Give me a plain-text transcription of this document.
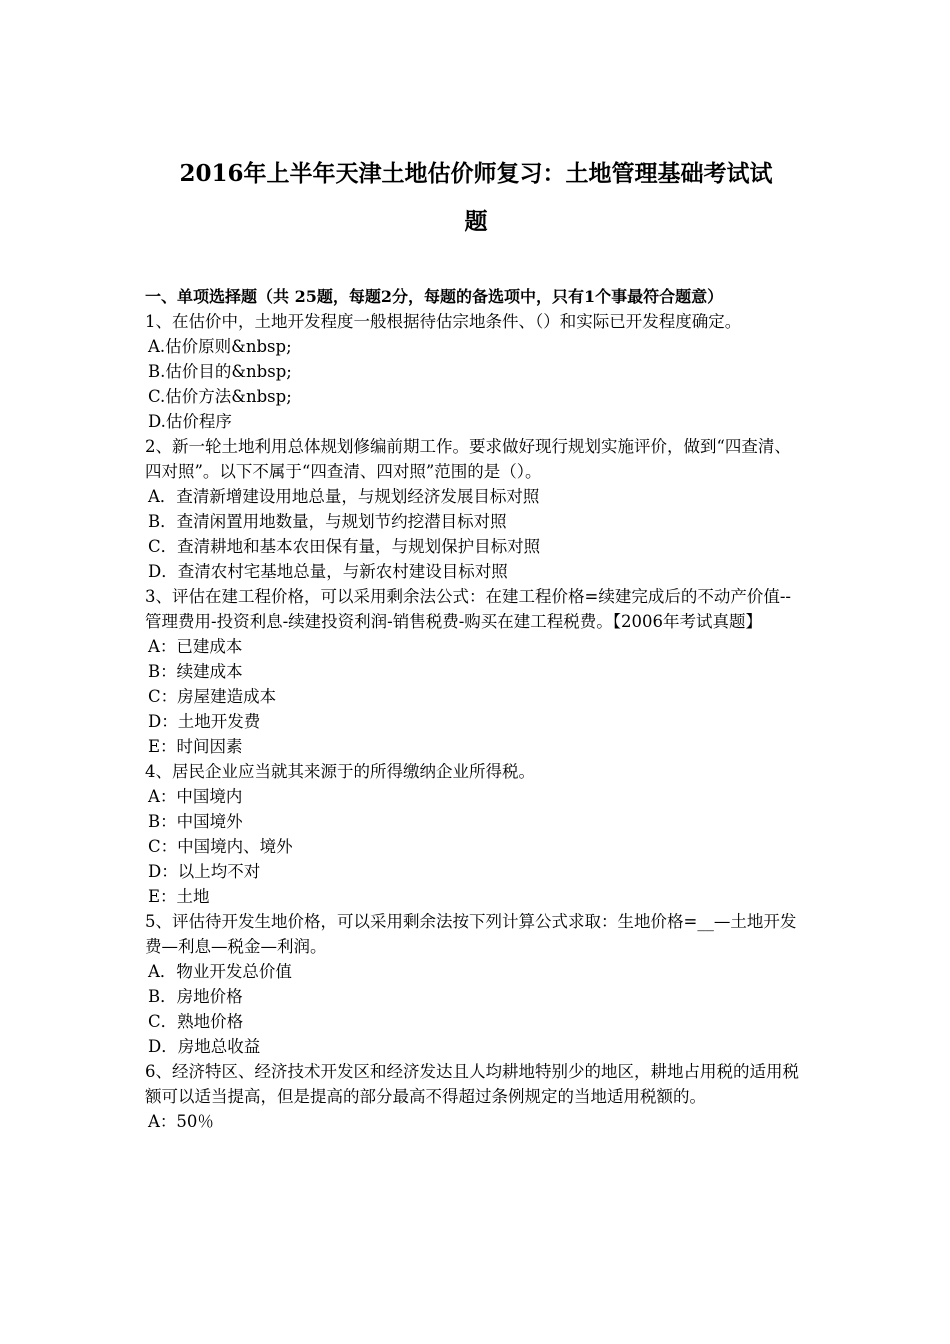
2016年上半年天津土地估价师复习：土地管理基础考试试
题
一、单项选择题（共 25题，每题2分，每题的备选项中，只有1个事最符合题意）
1、在估价中，土地开发程度一般根据待估宗地条件、（）和实际已开发程度确定。
A.估价原则&nbsp;
B.估价目的&nbsp;
C.估价方法&nbsp;
D.估价程序
2、新一轮土地利用总体规划修编前期工作。要求做好现行规划实施评价，做到“四查清、四对照”。以下不属于“四查清、四对照”范围的是（）。
A．查清新增建设用地总量，与规划经济发展目标对照
B．查清闲置用地数量，与规划节约挖潜目标对照
C．查清耕地和基本农田保有量，与规划保护目标对照
D．查清农村宅基地总量，与新农村建设目标对照
3、评估在建工程价格，可以采用剩余法公式：在建工程价格=续建完成后的不动产价值--管理费用-投资利息-续建投资利润-销售税费-购买在建工程税费。【2006年考试真题】
A：已建成本
B：续建成本
C：房屋建造成本
D：土地开发费
E：时间因素
4、居民企业应当就其来源于的所得缴纳企业所得税。
A：中国境内
B：中国境外
C：中国境内、境外
D：以上均不对
E：土地
5、评估待开发生地价格，可以采用剩余法按下列计算公式求取：生地价格=__—土地开发费—利息—税金—利润。
A．物业开发总价值
B．房地价格
C．熟地价格
D．房地总收益
6、经济特区、经济技术开发区和经济发达且人均耕地特别少的地区，耕地占用税的适用税额可以适当提高，但是提高的部分最高不得超过条例规定的当地适用税额的。
A：50％
